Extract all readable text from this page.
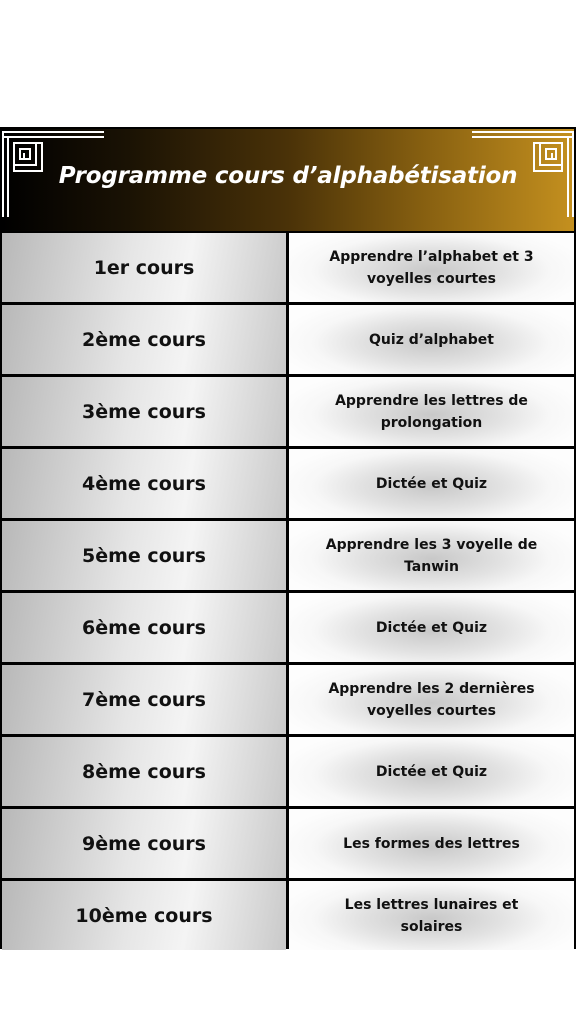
Programme cours d’alphabétisation
1er cours	Apprendre l’alphabet et 3 voyelles courtes
2ème cours	Quiz d’alphabet
3ème cours	Apprendre les lettres de prolongation
4ème cours	Dictée et Quiz
5ème cours	Apprendre les 3 voyelle de Tanwin
6ème cours	Dictée et Quiz
7ème cours	Apprendre les 2 dernières voyelles courtes
8ème cours	Dictée et Quiz
9ème cours	Les formes des lettres
10ème cours	Les lettres lunaires et solaires
